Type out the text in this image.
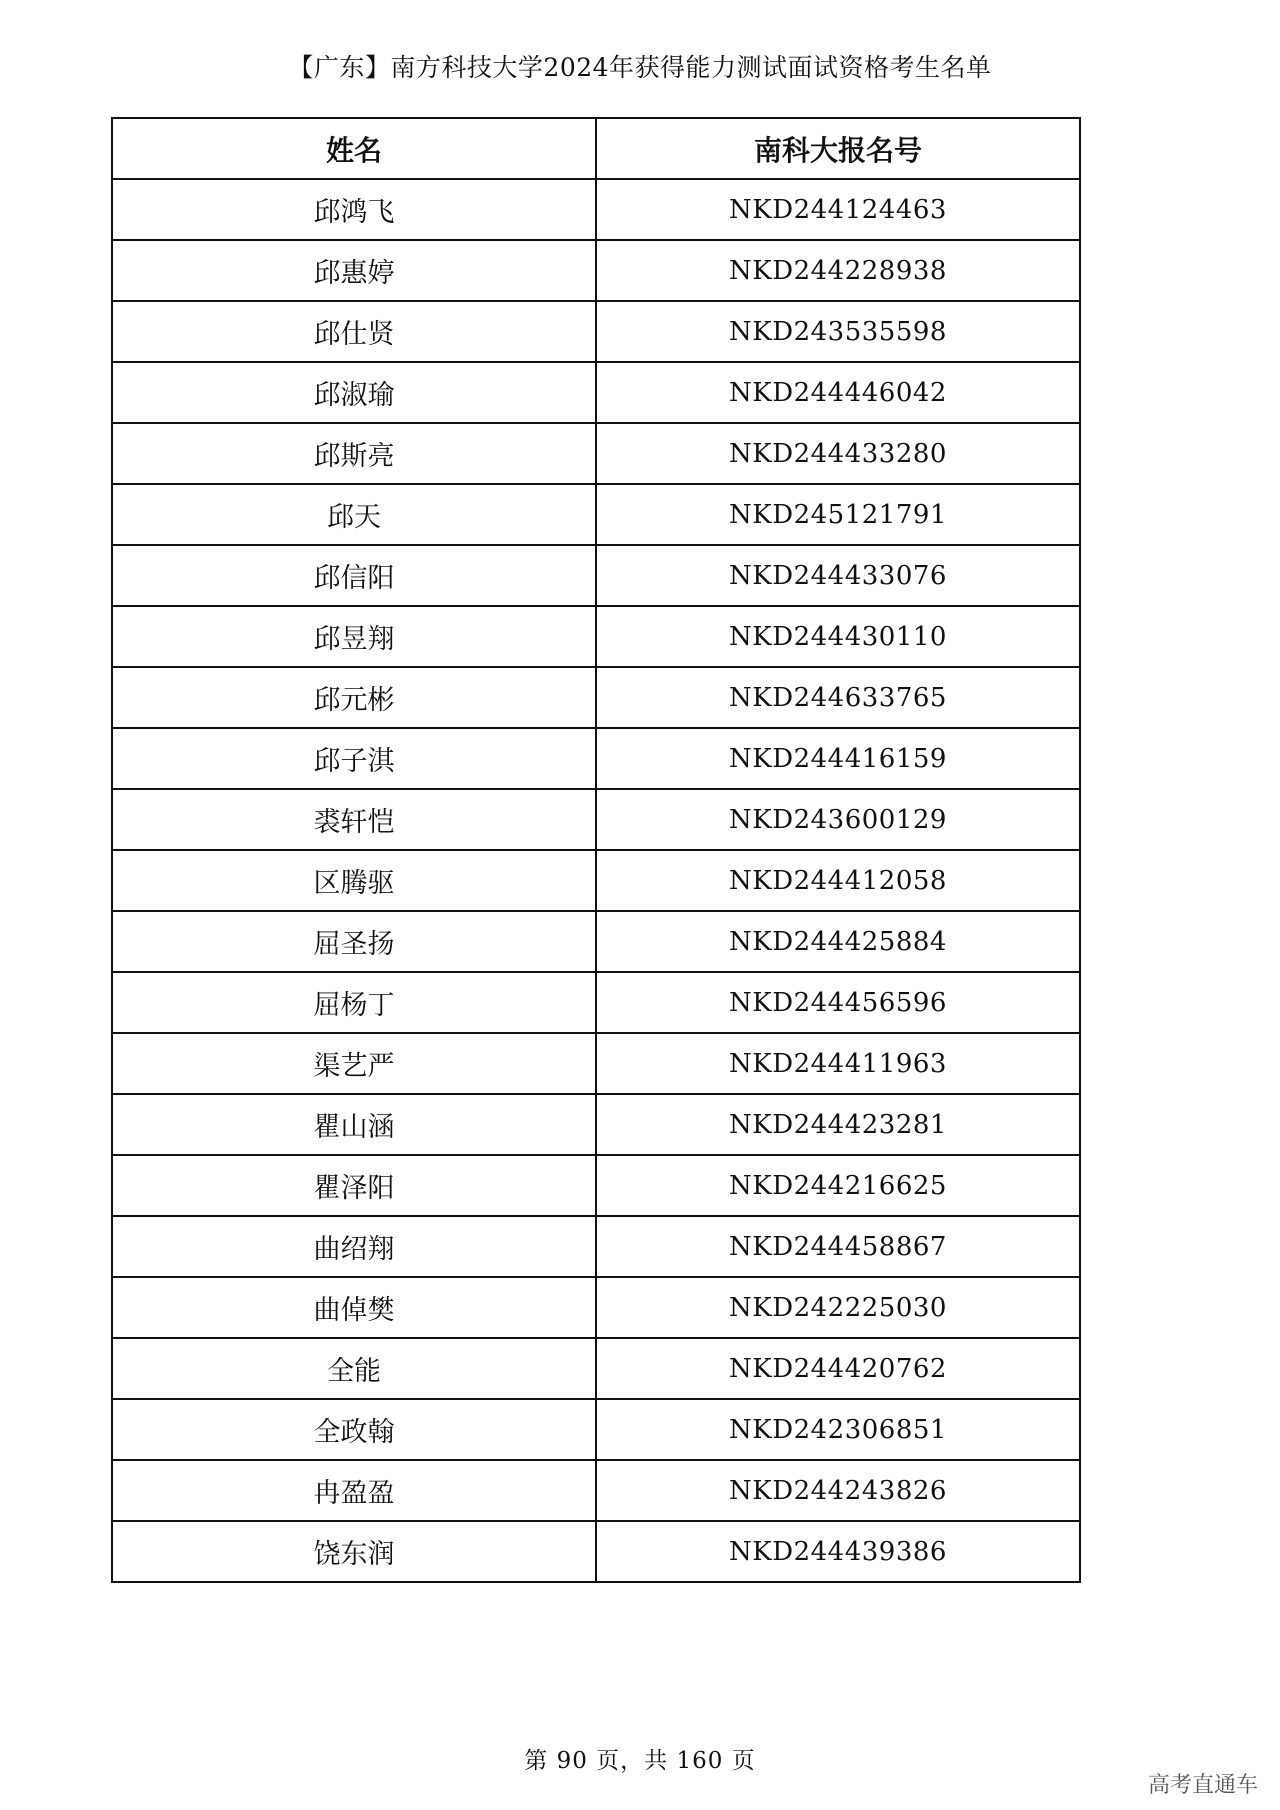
【广东】南方科技大学2024年获得能力测试面试资格考生名单
姓名	南科大报名号
邱鸿飞	NKD244124463
邱惠婷	NKD244228938
邱仕贤	NKD243535598
邱淑瑜	NKD244446042
邱斯亮	NKD244433280
邱天	NKD245121791
邱信阳	NKD244433076
邱昱翔	NKD244430110
邱元彬	NKD244633765
邱子淇	NKD244416159
裘轩恺	NKD243600129
区腾驱	NKD244412058
屈圣扬	NKD244425884
屈杨丁	NKD244456596
渠艺严	NKD244411963
瞿山涵	NKD244423281
瞿泽阳	NKD244216625
曲绍翔	NKD244458867
曲倬樊	NKD242225030
全能	NKD244420762
全政翰	NKD242306851
冉盈盈	NKD244243826
饶东润	NKD244439386
第 90 页，共 160 页
高考直通车
